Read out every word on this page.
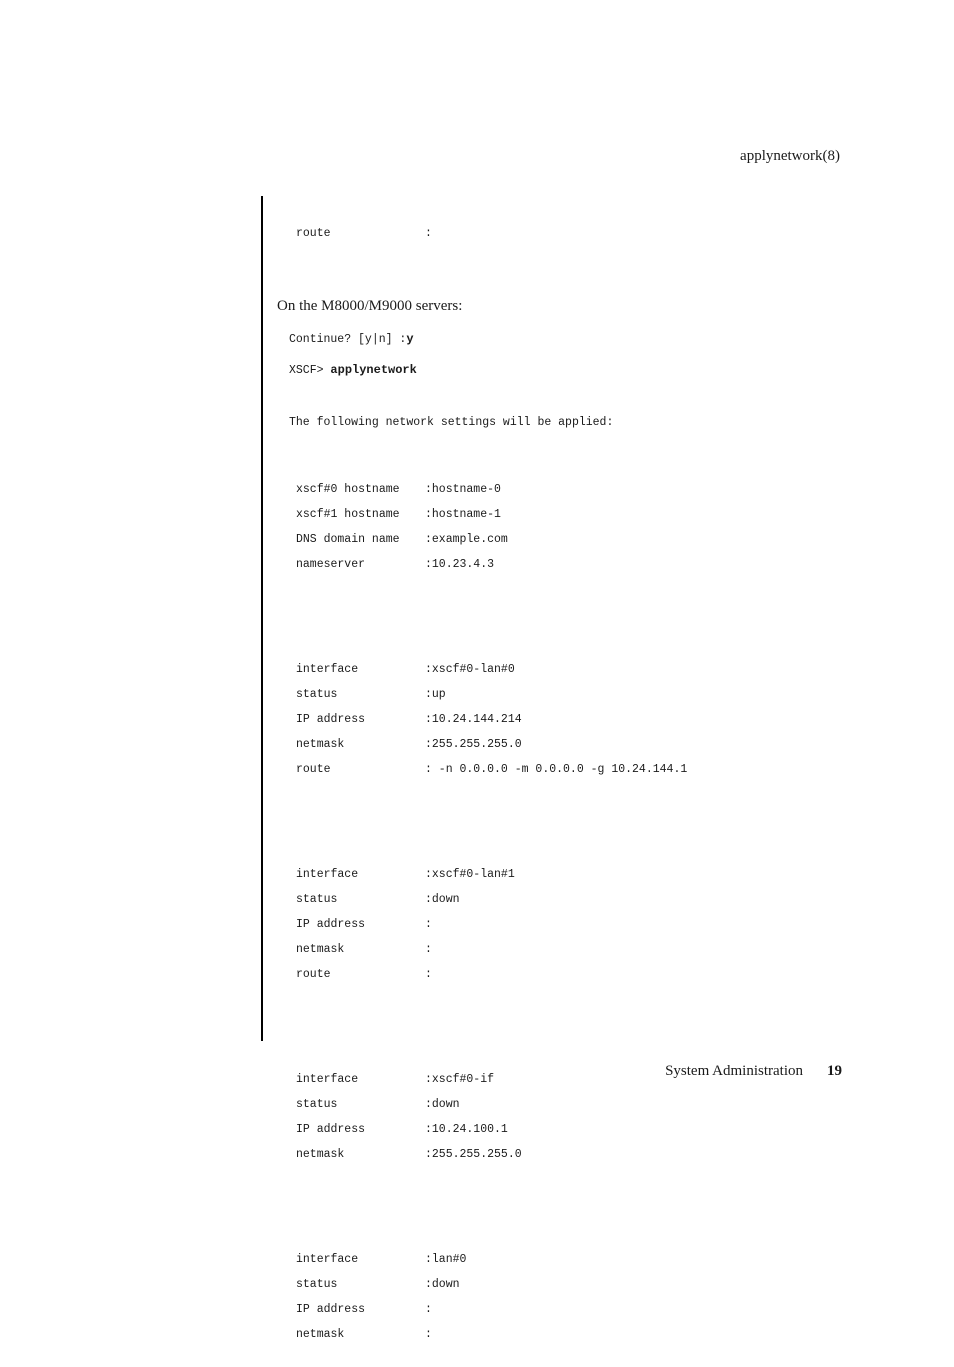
applynetwork(8)

route	:

Continue? [y|n] :y

On the M8000/M9000 servers:

XSCF> applynetwork

The following network settings will be applied:

xscf#0 hostname :hostname-0
xscf#1 hostname :hostname-1
DNS domain name :example.com
nameserver	:10.23.4.3

interface	:xscf#0-lan#0
status	:up
IP address	:10.24.144.214
netmask	:255.255.255.0
route	: -n 0.0.0.0 -m 0.0.0.0 -g 10.24.144.1

interface	:xscf#0-lan#1
status	:down
IP address	:
netmask	:
route	:

interface	:xscf#0-if
status	:down
IP address	:10.24.100.1
netmask	:255.255.255.0

interface	:lan#0
status	:down
IP address	:
netmask	:

System Administration 19
